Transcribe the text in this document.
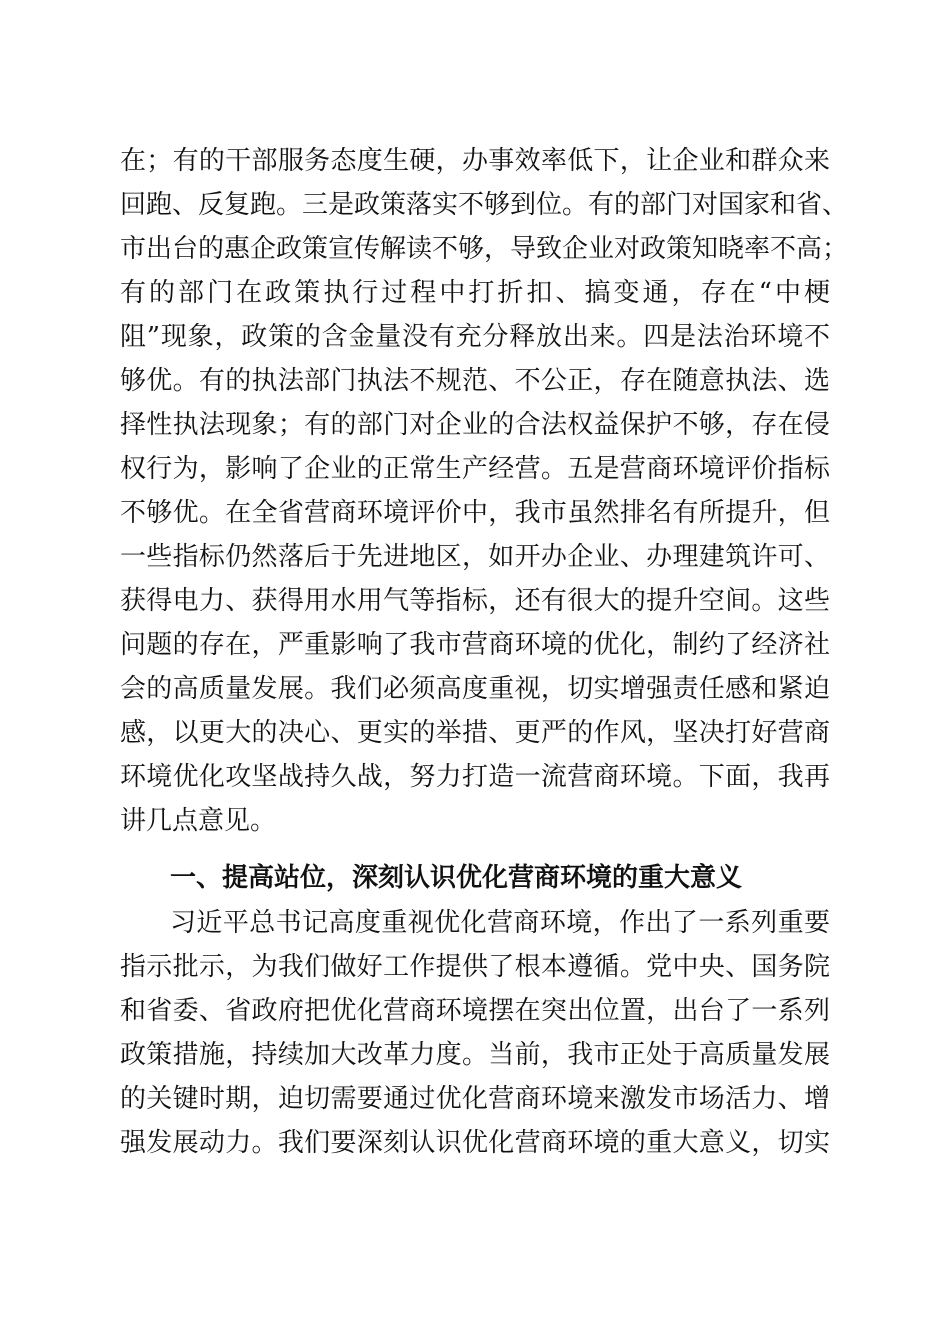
在；有的干部服务态度生硬，办事效率低下，让企业和群众来
回跑、反复跑。三是政策落实不够到位。有的部门对国家和省、
市出台的惠企政策宣传解读不够，导致企业对政策知晓率不高；
有的部门在政策执行过程中打折扣、搞变通，存在“中梗
阻”现象，政策的含金量没有充分释放出来。四是法治环境不
够优。有的执法部门执法不规范、不公正，存在随意执法、选
择性执法现象；有的部门对企业的合法权益保护不够，存在侵
权行为，影响了企业的正常生产经营。五是营商环境评价指标
不够优。在全省营商环境评价中，我市虽然排名有所提升，但
一些指标仍然落后于先进地区，如开办企业、办理建筑许可、
获得电力、获得用水用气等指标，还有很大的提升空间。这些
问题的存在，严重影响了我市营商环境的优化，制约了经济社
会的高质量发展。我们必须高度重视，切实增强责任感和紧迫
感，以更大的决心、更实的举措、更严的作风，坚决打好营商
环境优化攻坚战持久战，努力打造一流营商环境。下面，我再
讲几点意见。
一、提高站位，深刻认识优化营商环境的重大意义
习近平总书记高度重视优化营商环境，作出了一系列重要
指示批示，为我们做好工作提供了根本遵循。党中央、国务院
和省委、省政府把优化营商环境摆在突出位置，出台了一系列
政策措施，持续加大改革力度。当前，我市正处于高质量发展
的关键时期，迫切需要通过优化营商环境来激发市场活力、增
强发展动力。我们要深刻认识优化营商环境的重大意义，切实
